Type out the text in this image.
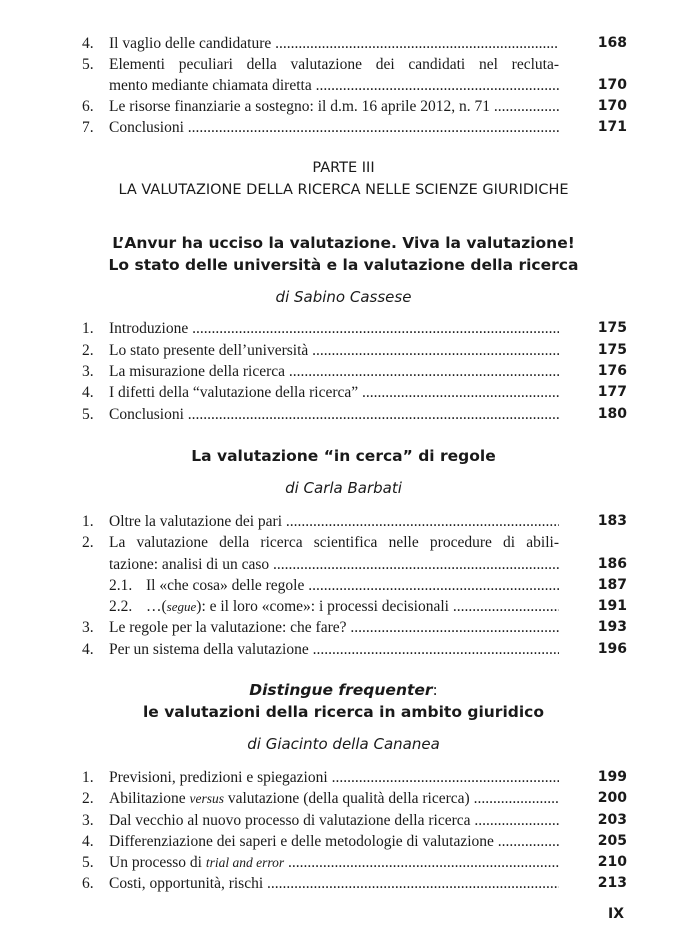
4. Il vaglio delle candidature .....	168
5. Elementi peculiari della valutazione dei candidati nel recluta-
mento mediante chiamata diretta .....	170
6. Le risorse finanziarie a sostegno: il d.m. 16 aprile 2012, n. 71 .....	170
7. Conclusioni .....	171
PARTE III
LA VALUTAZIONE DELLA RICERCA NELLE SCIENZE GIURIDICHE
L’Anvur ha ucciso la valutazione. Viva la valutazione!
Lo stato delle università e la valutazione della ricerca
di Sabino Cassese
1. Introduzione .....	175
2. Lo stato presente dell’università .....	175
3. La misurazione della ricerca .....	176
4. I difetti della “valutazione della ricerca” .....	177
5. Conclusioni .....	180
La valutazione “in cerca” di regole
di Carla Barbati
1. Oltre la valutazione dei pari .....	183
2. La valutazione della ricerca scientifica nelle procedure di abili-
tazione: analisi di un caso .....	186
2.1. Il «che cosa» delle regole .....	187
2.2. …(segue): e il loro «come»: i processi decisionali .....	191
3. Le regole per la valutazione: che fare? .....	193
4. Per un sistema della valutazione .....	196
Distingue frequenter:
le valutazioni della ricerca in ambito giuridico
di Giacinto della Cananea
1. Previsioni, predizioni e spiegazioni .....	199
2. Abilitazione versus valutazione (della qualità della ricerca) .....	200
3. Dal vecchio al nuovo processo di valutazione della ricerca .....	203
4. Differenziazione dei saperi e delle metodologie di valutazione .....	205
5. Un processo di trial and error .....	210
6. Costi, opportunità, rischi .....	213
IX
